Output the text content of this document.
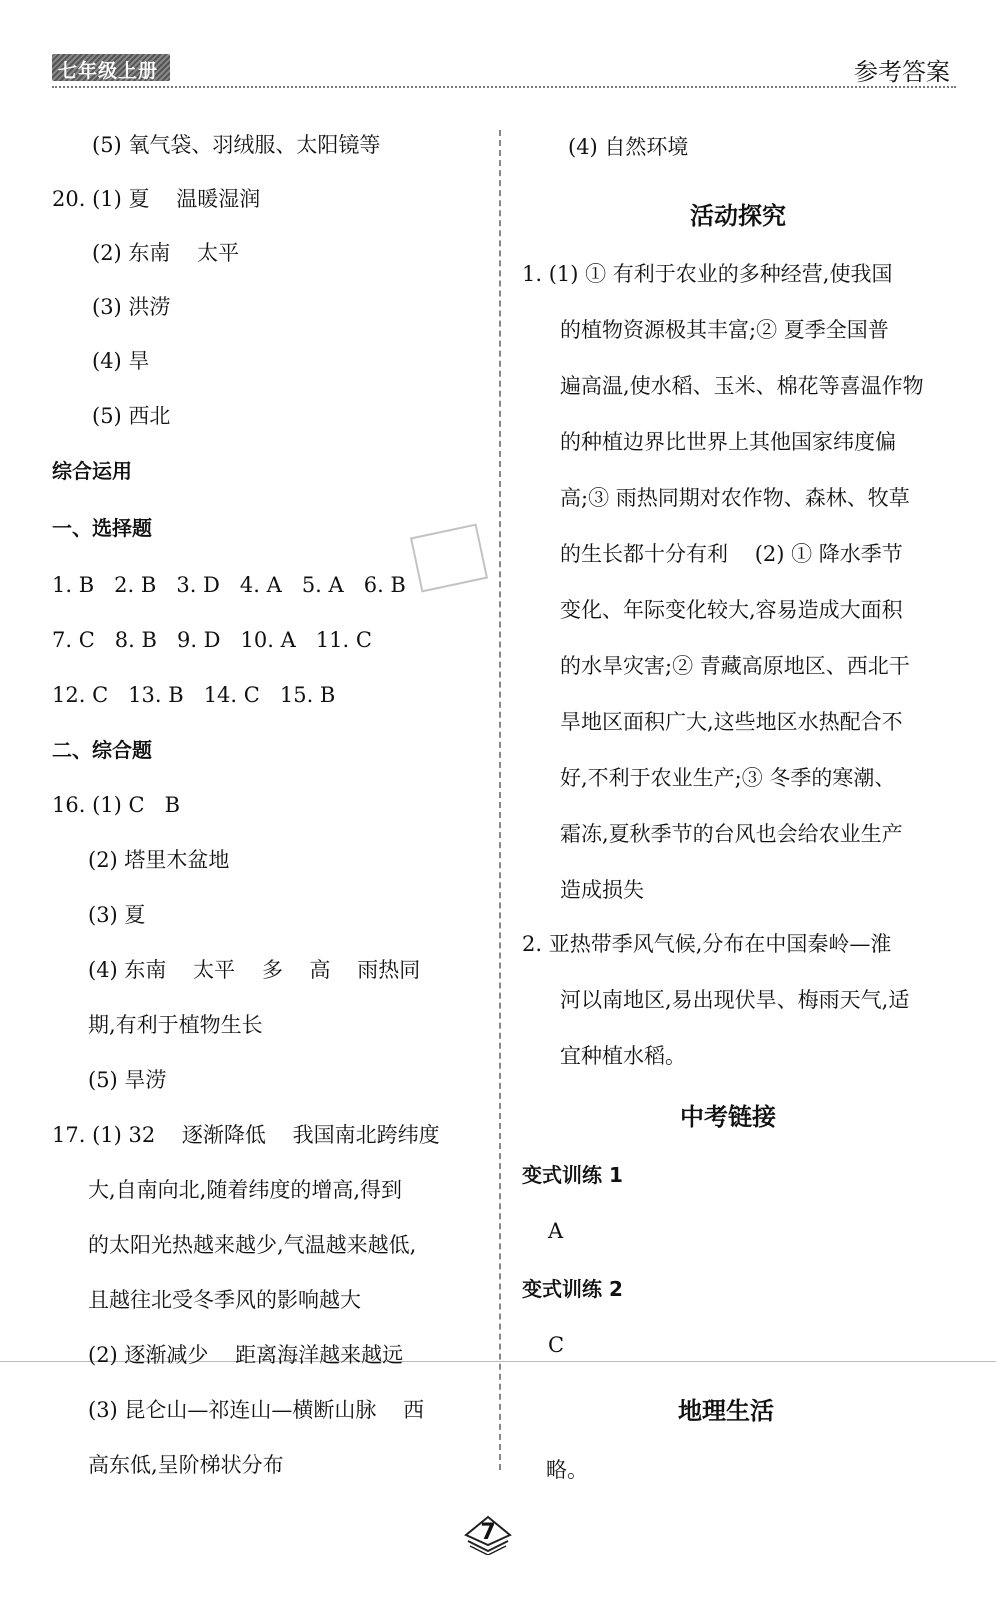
七年级上册	参考答案
(5) 氧气袋、羽绒服、太阳镜等
20. (1) 夏    温暖湿润
(2) 东南    太平
(3) 洪涝
(4) 旱
(5) 西北
综合运用
一、选择题
1. B   2. B   3. D   4. A   5. A   6. B
7. C   8. B   9. D   10. A   11. C
12. C   13. B   14. C   15. B
二、综合题
16. (1) C   B
(2) 塔里木盆地
(3) 夏
(4) 东南    太平    多    高    雨热同
期,有利于植物生长
(5) 旱涝
17. (1) 32    逐渐降低    我国南北跨纬度
大,自南向北,随着纬度的增高,得到
的太阳光热越来越少,气温越来越低,
且越往北受冬季风的影响越大
(2) 逐渐减少    距离海洋越来越远
(3) 昆仑山—祁连山—横断山脉    西
高东低,呈阶梯状分布
(4) 自然环境
1. (1) ① 有利于农业的多种经营,使我国
的植物资源极其丰富;② 夏季全国普
遍高温,使水稻、玉米、棉花等喜温作物
的种植边界比世界上其他国家纬度偏
高;③ 雨热同期对农作物、森林、牧草
的生长都十分有利    (2) ① 降水季节
变化、年际变化较大,容易造成大面积
的水旱灾害;② 青藏高原地区、西北干
旱地区面积广大,这些地区水热配合不
好,不利于农业生产;③ 冬季的寒潮、
霜冻,夏秋季节的台风也会给农业生产
造成损失
2. 亚热带季风气候,分布在中国秦岭—淮
河以南地区,易出现伏旱、梅雨天气,适
宜种植水稻。
变式训练 1
A
变式训练 2
C
略。
活动探究
中考链接
地理生活
7
